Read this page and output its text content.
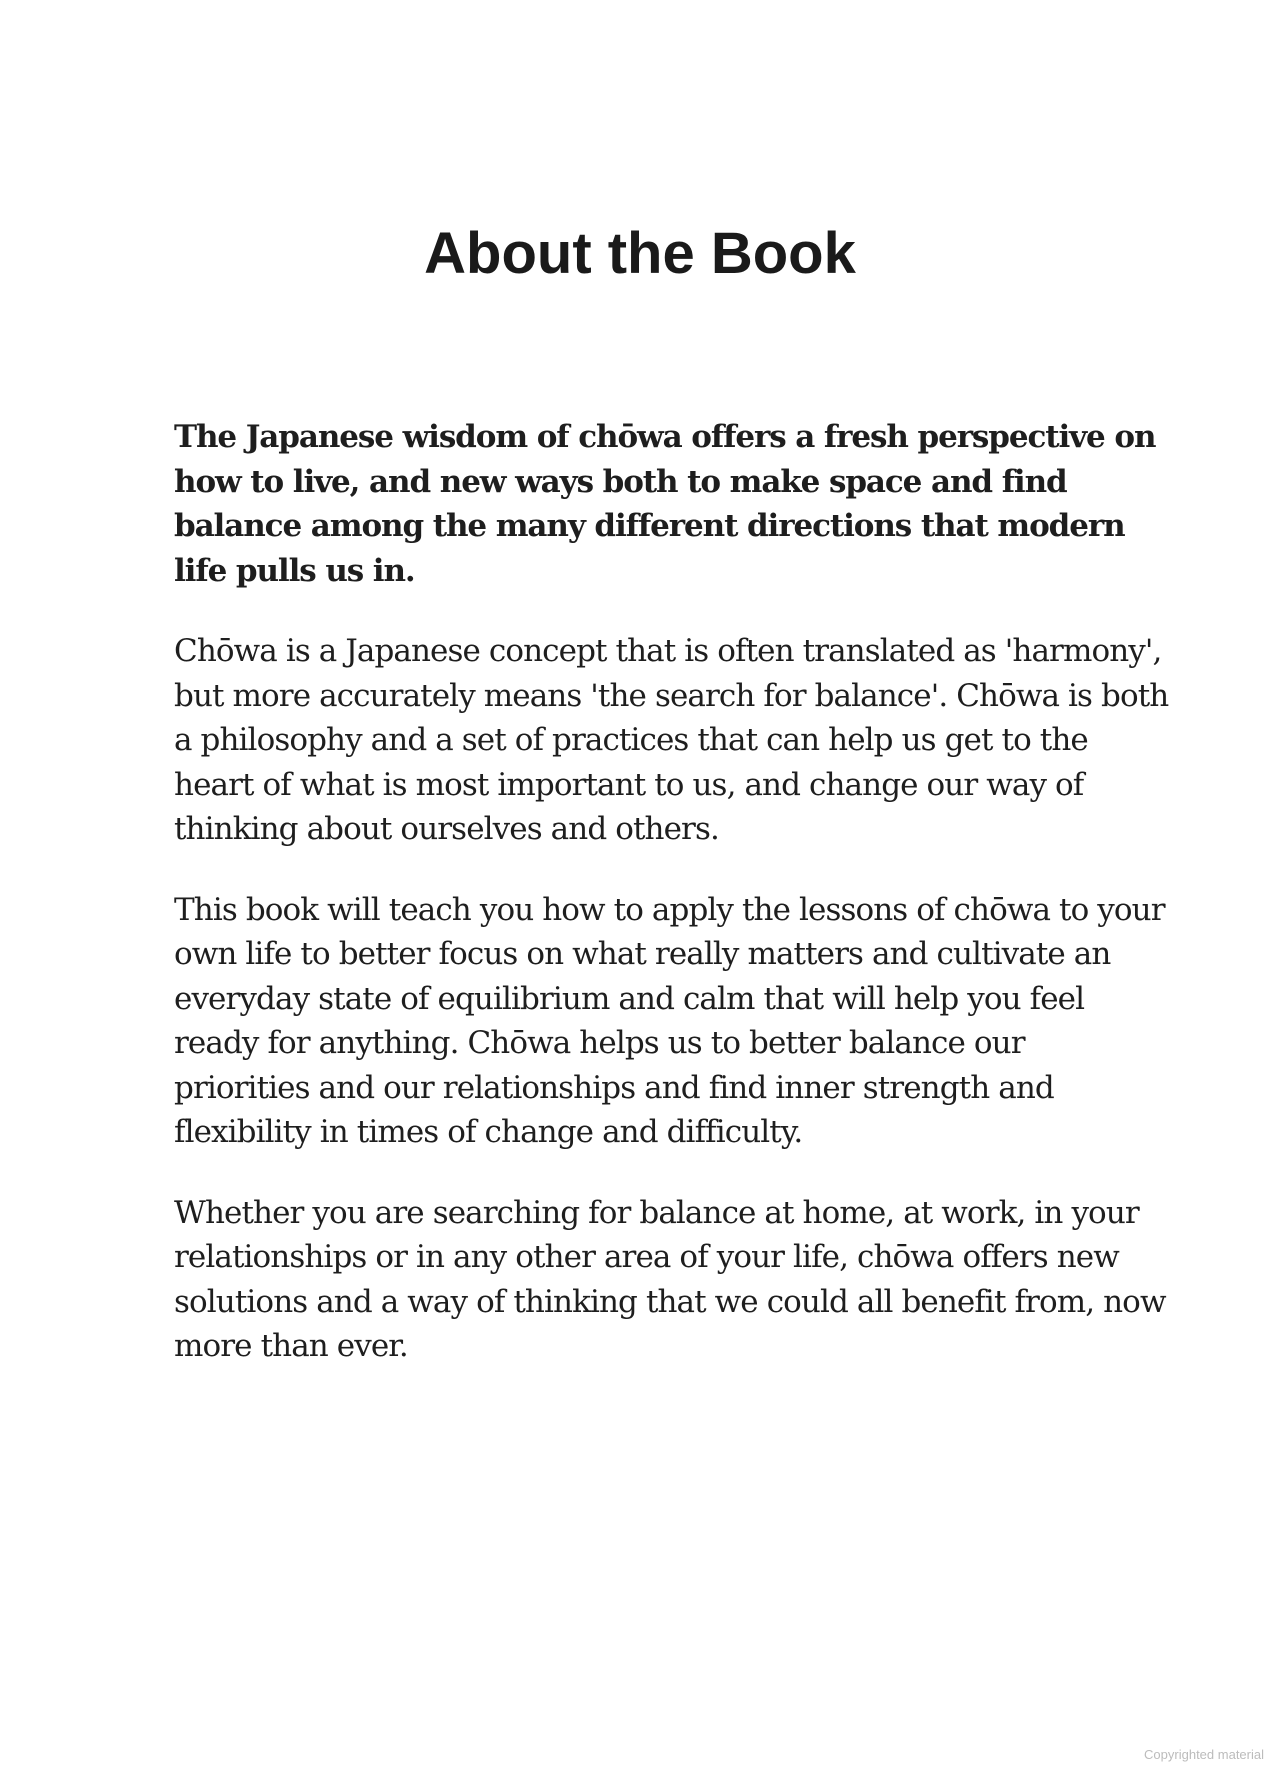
About the Book

The Japanese wisdom of chōwa offers a fresh perspective on how to live, and new ways both to make space and find balance among the many different directions that modern life pulls us in.

Chōwa is a Japanese concept that is often translated as 'harmony', but more accurately means 'the search for balance'. Chōwa is both a philosophy and a set of practices that can help us get to the heart of what is most important to us, and change our way of thinking about ourselves and others.

This book will teach you how to apply the lessons of chōwa to your own life to better focus on what really matters and cultivate an everyday state of equilibrium and calm that will help you feel ready for anything. Chōwa helps us to better balance our priorities and our relationships and find inner strength and flexibility in times of change and difficulty.

Whether you are searching for balance at home, at work, in your relationships or in any other area of your life, chōwa offers new solutions and a way of thinking that we could all benefit from, now more than ever.

Copyrighted material
